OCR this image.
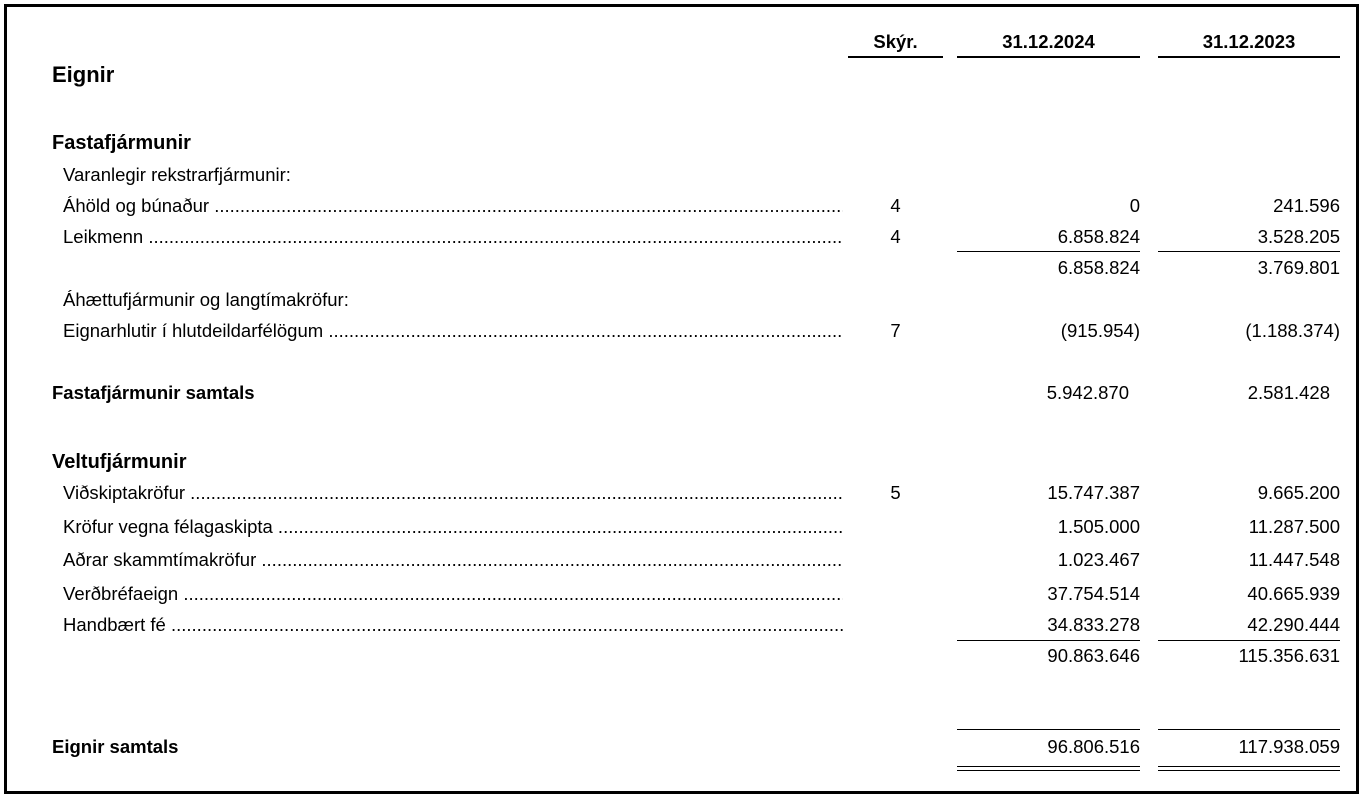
Skýr.	31.12.2024	31.12.2023
Eignir
Fastafjármunir
Varanlegir rekstrarfjármunir:
Áhöld og búnaður .....	4	0	241.596
Leikmenn .....	4	6.858.824	3.528.205
6.858.824	3.769.801
Áhættufjármunir og langtímakröfur:
Eignarhlutir í hlutdeildarfélögum .....	7	(915.954)	(1.188.374)
Fastafjármunir samtals	5.942.870	2.581.428
Veltufjármunir
Viðskiptakröfur .....	5	15.747.387	9.665.200
Kröfur vegna félagaskipta .....	1.505.000	11.287.500
Aðrar skammtímakröfur .....	1.023.467	11.447.548
Verðbréfaeign .....	37.754.514	40.665.939
Handbært fé .....	34.833.278	42.290.444
90.863.646	115.356.631
Eignir samtals	96.806.516	117.938.059
